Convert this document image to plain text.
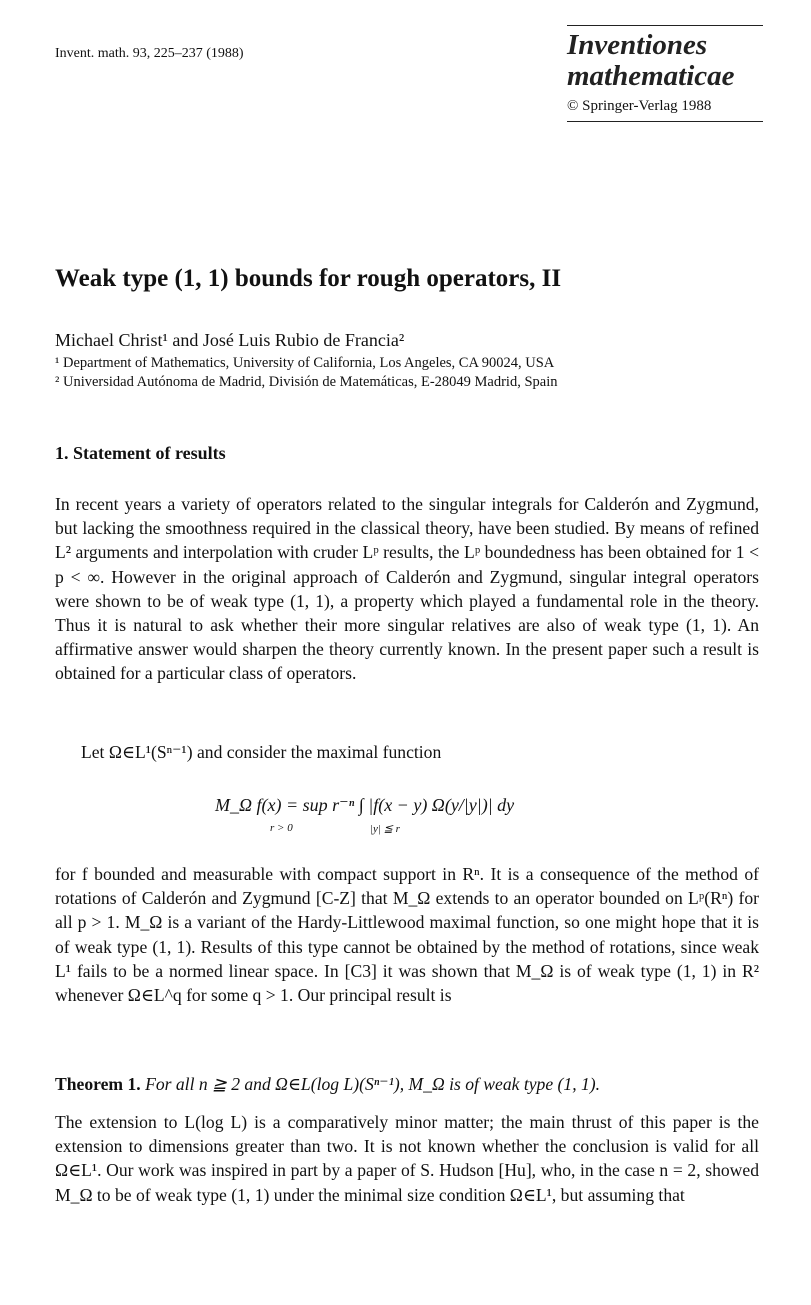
Invent. math. 93, 225–237 (1988)	Inventiones
mathematicae
© Springer-Verlag 1988
Weak type (1, 1) bounds for rough operators, II
Michael Christ¹ and José Luis Rubio de Francia²
¹ Department of Mathematics, University of California, Los Angeles, CA 90024, USA
² Universidad Autónoma de Madrid, División de Matemáticas, E-28049 Madrid, Spain
1. Statement of results
In recent years a variety of operators related to the singular integrals for Calderón and Zygmund, but lacking the smoothness required in the classical theory, have been studied. By means of refined L² arguments and interpolation with cruder Lᵖ results, the Lᵖ boundedness has been obtained for 1 < p < ∞. However in the original approach of Calderón and Zygmund, singular integral operators were shown to be of weak type (1, 1), a property which played a fundamental role in the theory. Thus it is natural to ask whether their more singular relatives are also of weak type (1, 1). An affirmative answer would sharpen the theory currently known. In the present paper such a result is obtained for a particular class of operators.
Let Ω∈L¹(Sⁿ⁻¹) and consider the maximal function
M_Ω f(x) = sup r⁻ⁿ ∫ |f(x − y) Ω(y/|y|)| dy
r > 0	|y| ≦ r
for f bounded and measurable with compact support in Rⁿ. It is a consequence of the method of rotations of Calderón and Zygmund [C-Z] that M_Ω extends to an operator bounded on Lᵖ(Rⁿ) for all p > 1. M_Ω is a variant of the Hardy-Littlewood maximal function, so one might hope that it is of weak type (1, 1). Results of this type cannot be obtained by the method of rotations, since weak L¹ fails to be a normed linear space. In [C3] it was shown that M_Ω is of weak type (1, 1) in R² whenever Ω∈L^q for some q > 1. Our principal result is
Theorem 1. For all n ≧ 2 and Ω∈L(log L)(Sⁿ⁻¹), M_Ω is of weak type (1, 1).
The extension to L(log L) is a comparatively minor matter; the main thrust of this paper is the extension to dimensions greater than two. It is not known whether the conclusion is valid for all Ω∈L¹. Our work was inspired in part by a paper of S. Hudson [Hu], who, in the case n = 2, showed M_Ω to be of weak type (1, 1) under the minimal size condition Ω∈L¹, but assuming that
